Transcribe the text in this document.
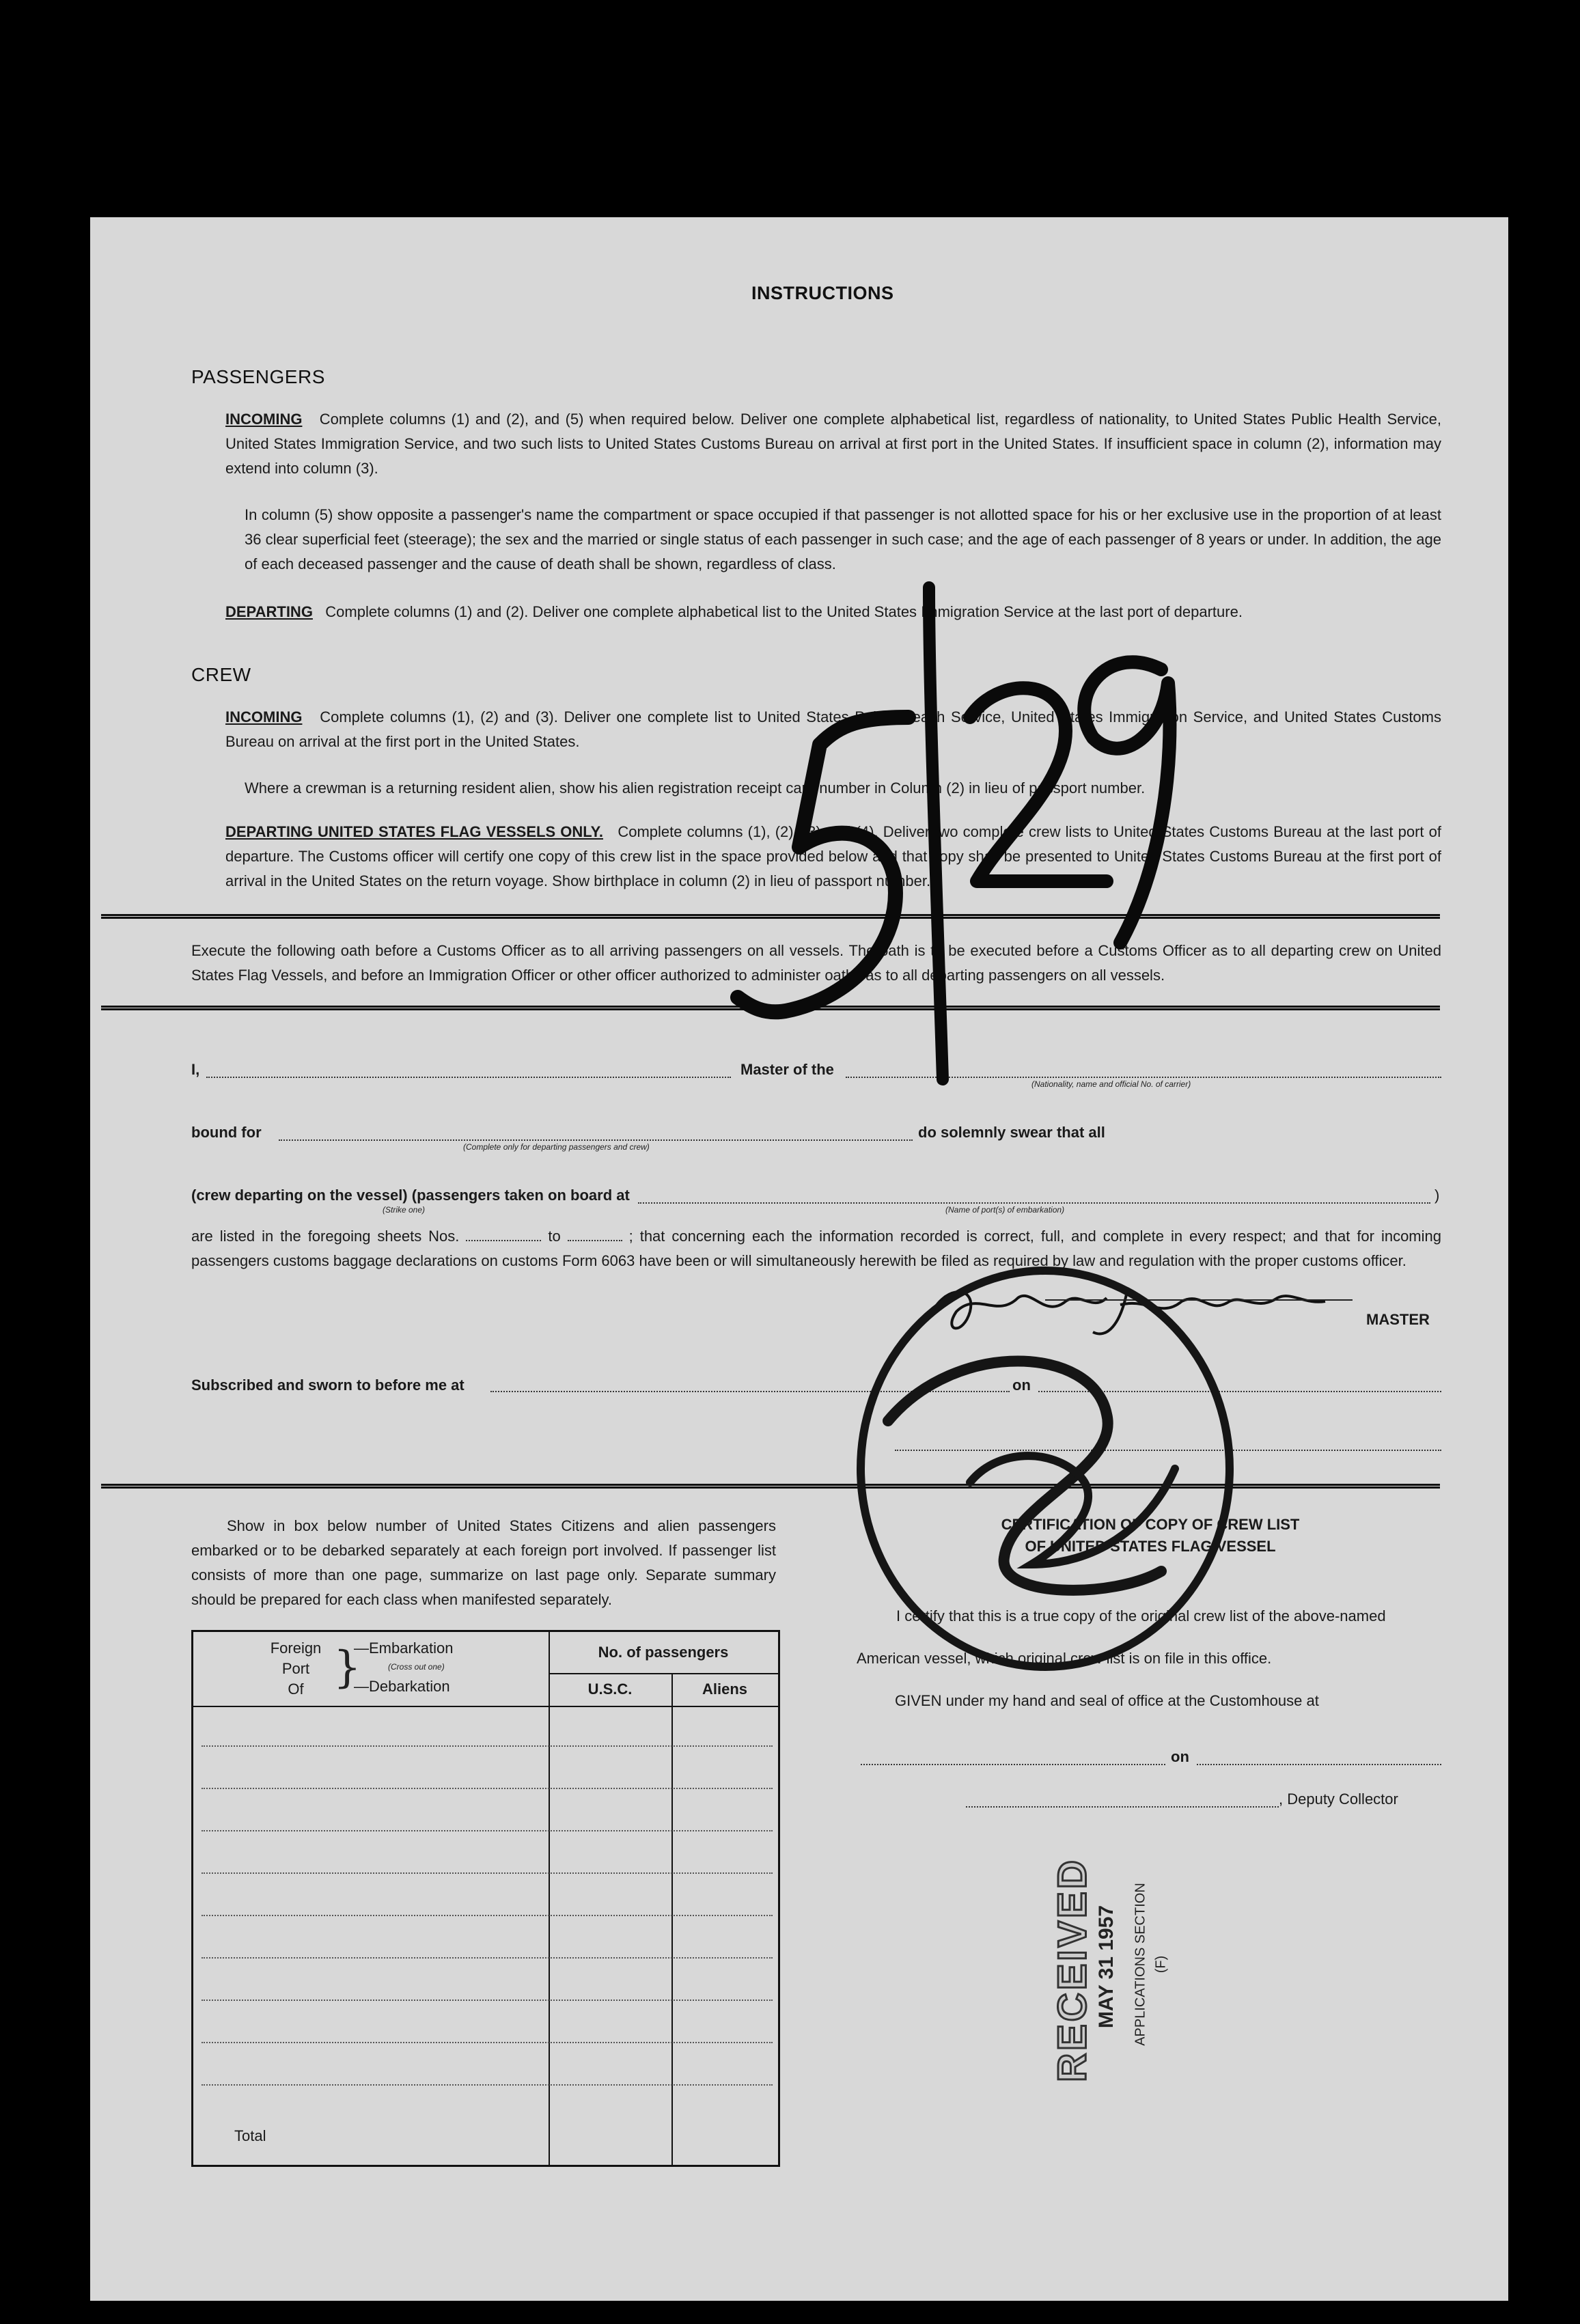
INSTRUCTIONS
PASSENGERS
INCOMING Complete columns (1) and (2), and (5) when required below. Deliver one complete alphabetical list, regardless of nationality, to United States Public Health Service, United States Immigration Service, and two such lists to United States Customs Bureau on arrival at first port in the United States. If insufficient space in column (2), information may extend into column (3).
In column (5) show opposite a passenger's name the compartment or space occupied if that passenger is not allotted space for his or her exclusive use in the proportion of at least 36 clear superficial feet (steerage); the sex and the married or single status of each passenger in such case; and the age of each passenger of 8 years or under. In addition, the age of each deceased passenger and the cause of death shall be shown, regardless of class.
DEPARTING Complete columns (1) and (2). Deliver one complete alphabetical list to the United States Immigration Service at the last port of departure.
CREW
INCOMING Complete columns (1), (2) and (3). Deliver one complete list to United States Public Health Service, United States Immigration Service, and United States Customs Bureau on arrival at the first port in the United States.
Where a crewman is a returning resident alien, show his alien registration receipt card number in Column (2) in lieu of passport number.
DEPARTING UNITED STATES FLAG VESSELS ONLY. Complete columns (1), (2), (3) and (4). Deliver two complete crew lists to United States Customs Bureau at the last port of departure. The Customs officer will certify one copy of this crew list in the space provided below and that copy shall be presented to United States Customs Bureau at the first port of arrival in the United States on the return voyage. Show birthplace in column (2) in lieu of passport number.
Execute the following oath before a Customs Officer as to all arriving passengers on all vessels. The oath is to be executed before a Customs Officer as to all departing crew on United States Flag Vessels, and before an Immigration Officer or other officer authorized to administer oaths as to all departing passengers on all vessels.
I,	Master of the
(Nationality, name and official No. of carrier)
bound for
(Complete only for departing passengers and crew)
do solemnly swear that all
(crew departing on the vessel) (passengers taken on board at	)
(Strike one)	(Name of port(s) of embarkation)
are listed in the foregoing sheets Nos.	to	; that concerning each the information recorded is correct, full, and complete in every respect; and that for incoming passengers customs baggage declarations on customs Form 6063 have been or will simultaneously herewith be filed as required by law and regulation with the proper customs officer.
MASTER
Subscribed and sworn to before me at	on
Show in box below number of United States Citizens and alien passengers embarked or to be debarked separately at each foreign port involved. If passenger list consists of more than one page, summarize on last page only. Separate summary should be prepared for each class when manifested separately.
Foreign
Port
Of }
—Embarkation
(Cross out one)
—Debarkation
No. of passengers
U.S.C.	Aliens
Total
CERTIFICATION OF COPY OF CREW LIST
OF UNITED STATES FLAG VESSEL
I certify that this is a true copy of the original crew list of the above-named
American vessel, which original crew list is on file in this office.
GIVEN under my hand and seal of office at the Customhouse at
on
, Deputy Collector
RECEIVED MAY 31 1957 APPLICATIONS SECTION (F)
